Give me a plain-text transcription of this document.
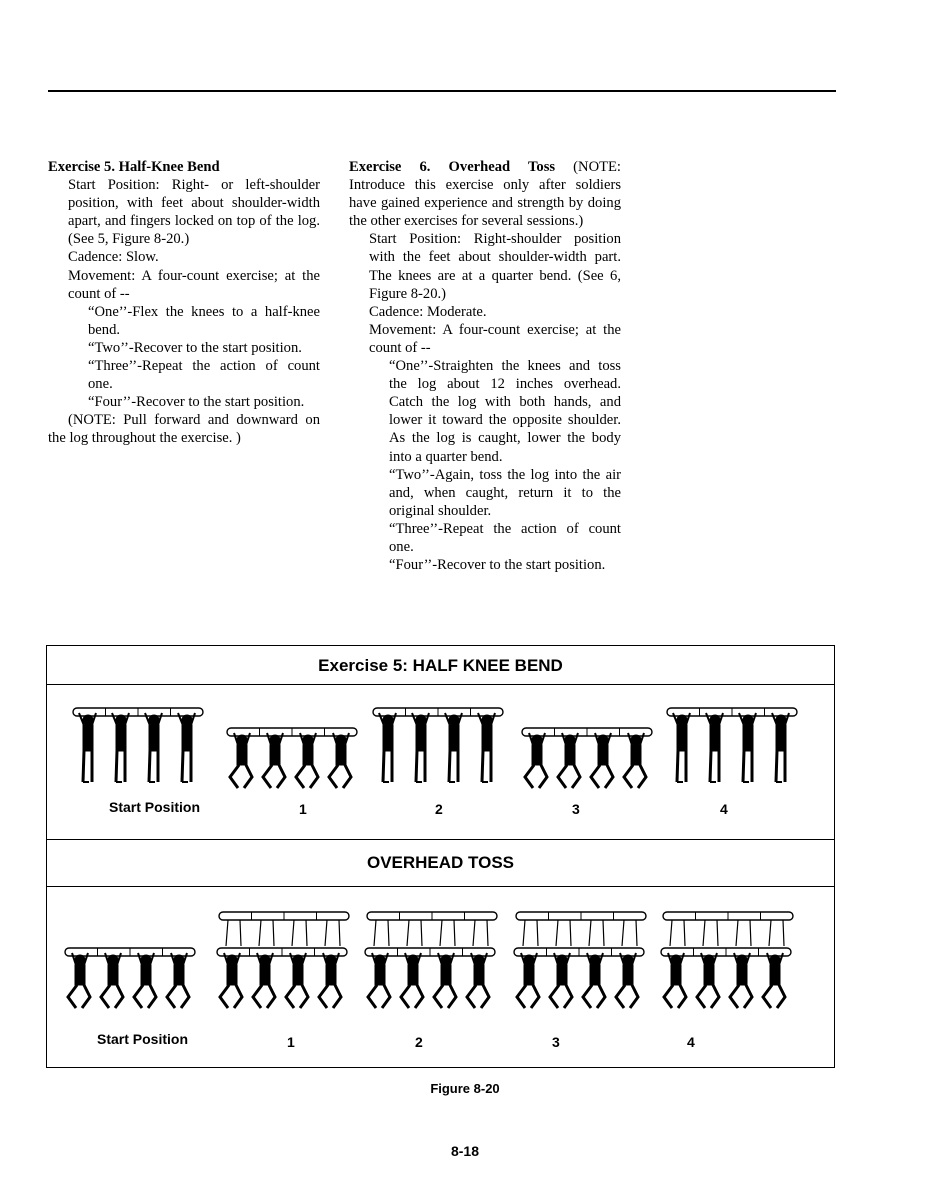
Exercise 5. Half-Knee Bend

Start Position: Right- or left-shoulder position, with feet about shoulder-width apart, and fingers locked on top of the log. (See 5, Figure 8-20.)

Cadence: Slow.

Movement: A four-count exercise; at the count of --

“One’’-Flex the knees to a half-knee bend.

“Two’’-Recover to the start position.

“Three’’-Repeat the action of count one.

“Four’’-Recover to the start position.

(NOTE: Pull forward and downward on the log throughout the exercise. )

Exercise 6. Overhead Toss (NOTE: Introduce this exercise only after soldiers have gained experience and strength by doing the other exercises for several sessions.)

Start Position: Right-shoulder position with the feet about shoulder-width part. The knees are at a quarter bend. (See 6, Figure 8-20.)

Cadence: Moderate.

Movement: A four-count exercise; at the count of --

“One’’-Straighten the knees and toss the log about 12 inches overhead. Catch the log with both hands, and lower it toward the opposite shoulder. As the log is caught, lower the body into a quarter bend.

“Two’’-Again, toss the log into the air and, when caught, return it to the original shoulder.

“Three’’-Repeat the action of count one.

“Four’’-Recover to the start position.

Exercise 5: HALF KNEE BEND
Start Position	1	2	3	4
OVERHEAD TOSS
Start Position	1	2	3	4
Figure 8-20
8-18
